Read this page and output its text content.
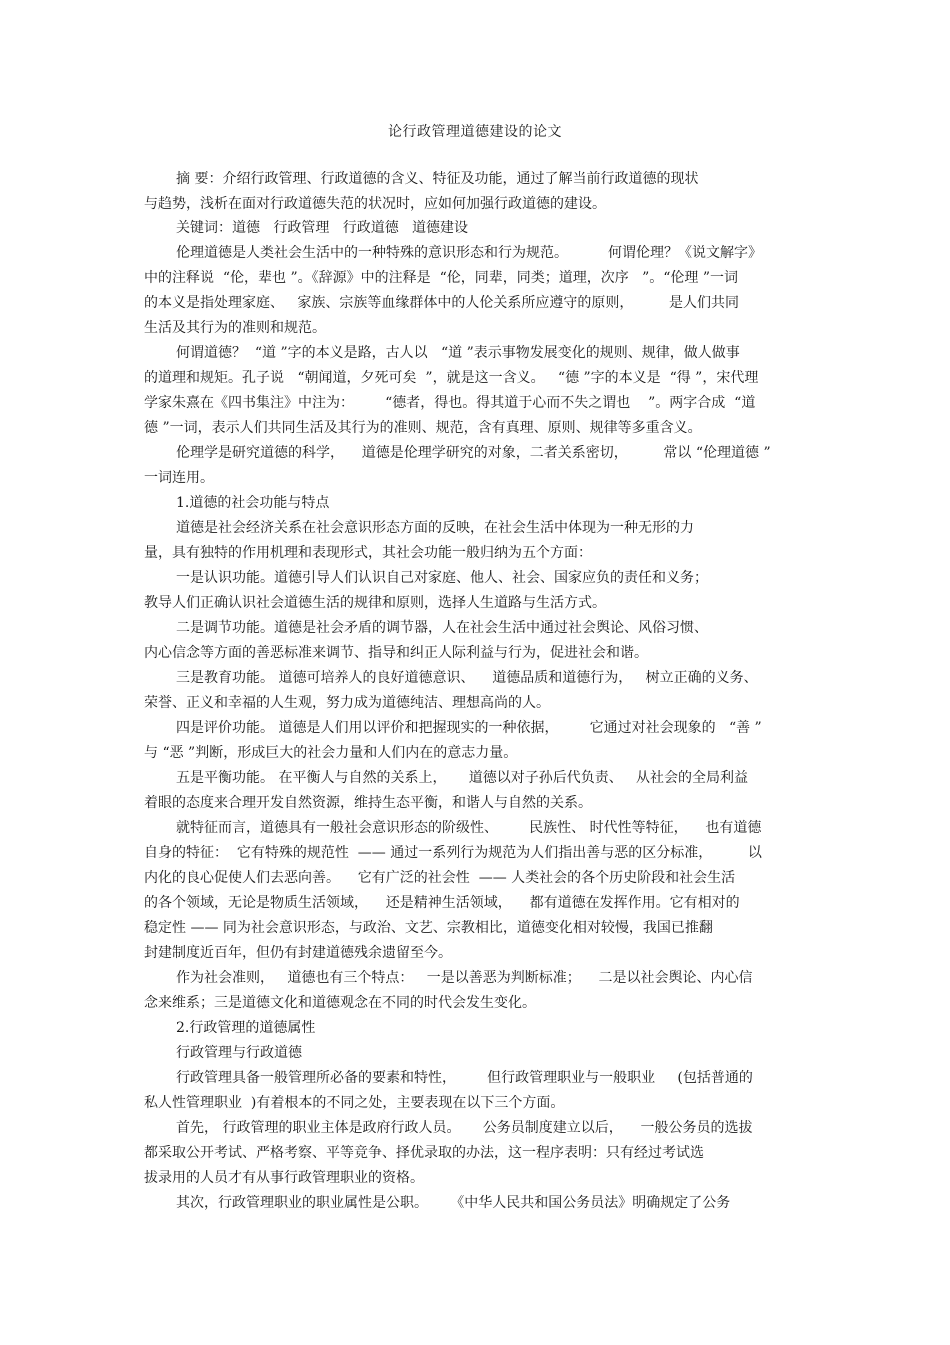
论行政管理道德建设的论文
摘 要：介绍行政管理、行政道德的含义、特征及功能，通过了解当前行政道德的现状
与趋势，浅析在面对行政道德失范的状况时，应如何加强行政道德的建设。
关键词：道德   行政管理   行政道德   道德建设
伦理道德是人类社会生活中的一种特殊的意识形态和行为规范。         何谓伦理？《说文解字》
中的注释说  “伦，辈也 ”。《辞源》中的注释是  “伦，同辈，同类；道理，次序   ”。“伦理 ”一词
的本义是指处理家庭、   家族、宗族等血缘群体中的人伦关系所应遵守的原则，        是人们共同
生活及其行为的准则和规范。
何谓道德？  “道 ”字的本义是路，古人以   “道 ”表示事物发展变化的规则、规律，做人做事
的道理和规矩。孔子说   “朝闻道，夕死可矣  ”，就是这一含义。   “德 ”字的本义是  “得 ”，宋代理
学家朱熹在《四书集注》中注为：       “德者，得也。得其道于心而不失之谓也    ”。两字合成  “道
德 ”一词，表示人们共同生活及其行为的准则、规范，含有真理、原则、规律等多重含义。
伦理学是研究道德的科学，    道德是伦理学研究的对象，二者关系密切，        常以 “伦理道德 ”
一词连用。
1.道德的社会功能与特点
道德是社会经济关系在社会意识形态方面的反映，在社会生活中体现为一种无形的力
量，具有独特的作用机理和表现形式，其社会功能一般归纳为五个方面：
一是认识功能。道德引导人们认识自己对家庭、他人、社会、国家应负的责任和义务；
教导人们正确认识社会道德生活的规律和原则，选择人生道路与生活方式。
二是调节功能。道德是社会矛盾的调节器，人在社会生活中通过社会舆论、风俗习惯、
内心信念等方面的善恶标准来调节、指导和纠正人际利益与行为，促进社会和谐。
三是教育功能。 道德可培养人的良好道德意识、    道德品质和道德行为，   树立正确的义务、
荣誉、正义和幸福的人生观，努力成为道德纯洁、理想高尚的人。
四是评价功能。 道德是人们用以评价和把握现实的一种依据，       它通过对社会现象的   “善 ”
与 “恶 ”判断，形成巨大的社会力量和人们内在的意志力量。
五是平衡功能。 在平衡人与自然的关系上，     道德以对子孙后代负责、   从社会的全局利益
着眼的态度来合理开发自然资源，维持生态平衡，和谐人与自然的关系。
就特征而言，道德具有一般社会意识形态的阶级性、       民族性、 时代性等特征，    也有道德
自身的特征：  它有特殊的规范性  —— 通过一系列行为规范为人们指出善与恶的区分标准，        以
内化的良心促使人们去恶向善。    它有广泛的社会性  —— 人类社会的各个历史阶段和社会生活
的各个领域，无论是物质生活领域，    还是精神生活领域，    都有道德在发挥作用。它有相对的
稳定性 —— 同为社会意识形态，与政治、文艺、宗教相比，道德变化相对较慢，我国已推翻
封建制度近百年，但仍有封建道德残余遗留至今。
作为社会准则，   道德也有三个特点：   一是以善恶为判断标准；    二是以社会舆论、内心信
念来维系；三是道德文化和道德观念在不同的时代会发生变化。
2.行政管理的道德属性
行政管理与行政道德
行政管理具备一般管理所必备的要素和特性，       但行政管理职业与一般职业     (包括普通的
私人性管理职业  )有着根本的不同之处，主要表现在以下三个方面。
首先， 行政管理的职业主体是政府行政人员。     公务员制度建立以后，    一般公务员的选拔
都采取公开考试、严格考察、平等竞争、择优录取的办法，这一程序表明：只有经过考试选
拔录用的人员才有从事行政管理职业的资格。
其次，行政管理职业的职业属性是公职。     《中华人民共和国公务员法》明确规定了公务
